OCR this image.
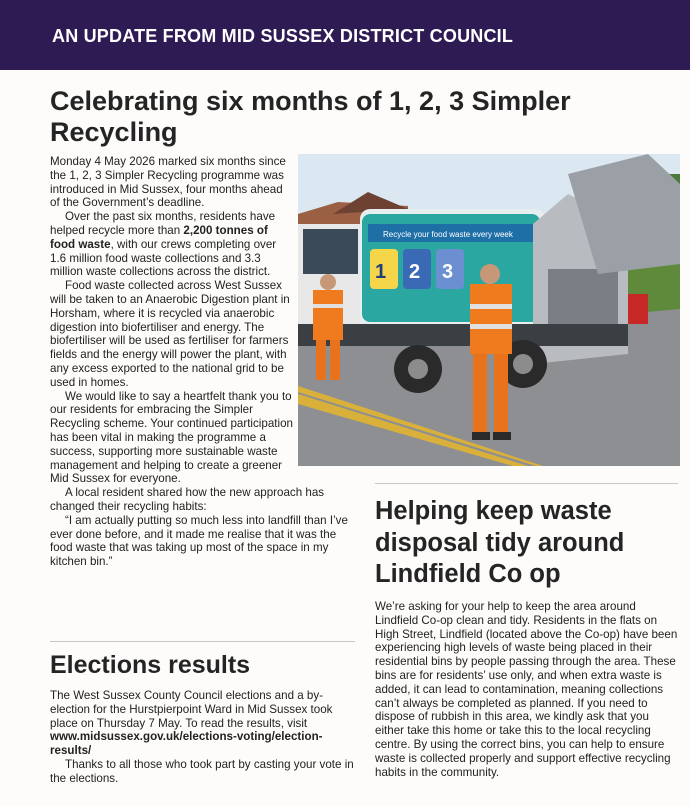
AN UPDATE FROM MID SUSSEX DISTRICT COUNCIL
Celebrating six months of 1, 2, 3 Simpler Recycling

Monday 4 May 2026 marked six months since the 1, 2, 3 Simpler Recycling programme was introduced in Mid Sussex, four months ahead of the Government’s deadline.

Over the past six months, residents have helped recycle more than 2,200 tonnes of food waste, with our crews completing over 1.6 million food waste collections and 3.3 million waste collections across the district.

Food waste collected across West Sussex will be taken to an Anaerobic Digestion plant in Horsham, where it is recycled via anaerobic digestion into biofertiliser and energy. The biofertiliser will be used as fertiliser for farmers fields and the energy will power the plant, with any excess exported to the national grid to be used in homes.

We would like to say a heartfelt thank you to our residents for embracing the Simpler Recycling scheme. Your continued participation has been vital in making the programme a success, supporting more sustainable waste management and helping to create a greener Mid Sussex for everyone.

A local resident shared how the new approach has changed their recycling habits:

“I am actually putting so much less into landfill than I’ve ever done before, and it made me realise that it was the food waste that was taking up most of the space in my kitchen bin.”

Recycle your food waste every week
1 2 3
Elections results

The West Sussex County Council elections and a by-election for the Hurstpierpoint Ward in Mid Sussex took place on Thursday 7 May. To read the results, visit

www.midsussex.gov.uk/elections-voting/election-results/

Thanks to all those who took part by casting your vote in the elections.

Helping keep waste disposal tidy around Lindfield Co op

We’re asking for your help to keep the area around Lindfield Co-op clean and tidy. Residents in the flats on High Street, Lindfield (located above the Co-op) have been experiencing high levels of waste being placed in their residential bins by people passing through the area. These bins are for residents’ use only, and when extra waste is added, it can lead to contamination, meaning collections can’t always be completed as planned. If you need to dispose of rubbish in this area, we kindly ask that you either take this home or take this to the local recycling centre. By using the correct bins, you can help to ensure waste is collected properly and support effective recycling habits in the community.
